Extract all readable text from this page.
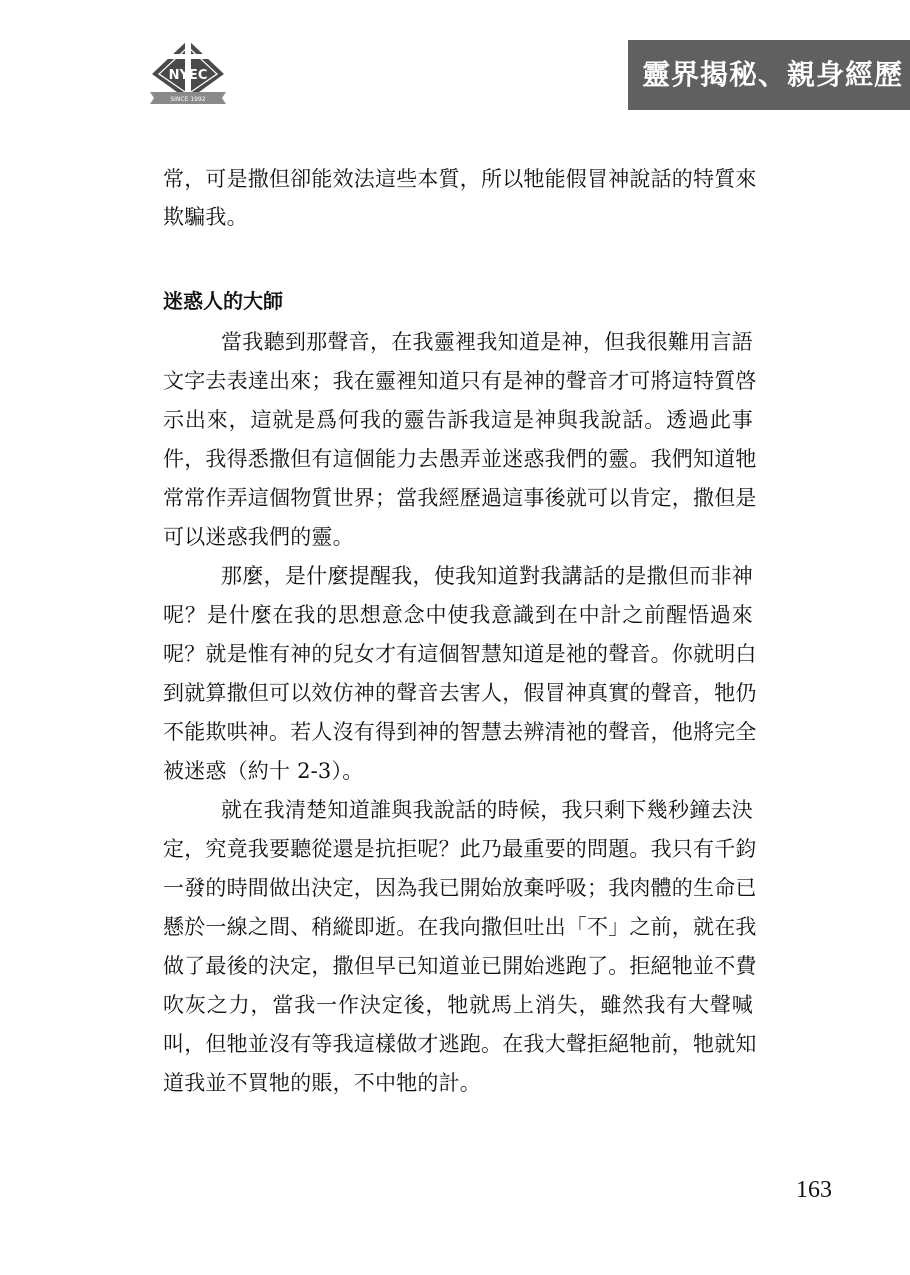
NYEC
SINCE 1992
靈界揭秘、親身經歷
常，可是撒但卻能效法這些本質，所以牠能假冒神說話的特質來
欺騙我。
迷惑人的大師
當我聽到那聲音，在我靈裡我知道是神，但我很難用言語
文字去表達出來；我在靈裡知道只有是神的聲音才可將這特質啓
示出來，這就是爲何我的靈告訴我這是神與我說話。透過此事
件，我得悉撒但有這個能力去愚弄並迷惑我們的靈。我們知道牠
常常作弄這個物質世界；當我經歷過這事後就可以肯定，撒但是
可以迷惑我們的靈。
那麼，是什麼提醒我，使我知道對我講話的是撒但而非神
呢？是什麼在我的思想意念中使我意識到在中計之前醒悟過來
呢？就是惟有神的兒女才有這個智慧知道是祂的聲音。你就明白
到就算撒但可以效仿神的聲音去害人，假冒神真實的聲音，牠仍
不能欺哄神。若人沒有得到神的智慧去辨清祂的聲音，他將完全
被迷惑（約十 2-3）。
就在我清楚知道誰與我說話的時候，我只剩下幾秒鐘去決
定，究竟我要聽從還是抗拒呢？此乃最重要的問題。我只有千鈞
一發的時間做出決定，因為我已開始放棄呼吸；我肉體的生命已
懸於一線之間、稍縱即逝。在我向撒但吐出「不」之前，就在我
做了最後的決定，撒但早已知道並已開始逃跑了。拒絕牠並不費
吹灰之力，當我一作決定後，牠就馬上消失，雖然我有大聲喊
叫，但牠並沒有等我這樣做才逃跑。在我大聲拒絕牠前，牠就知
道我並不買牠的賬，不中牠的計。
163
